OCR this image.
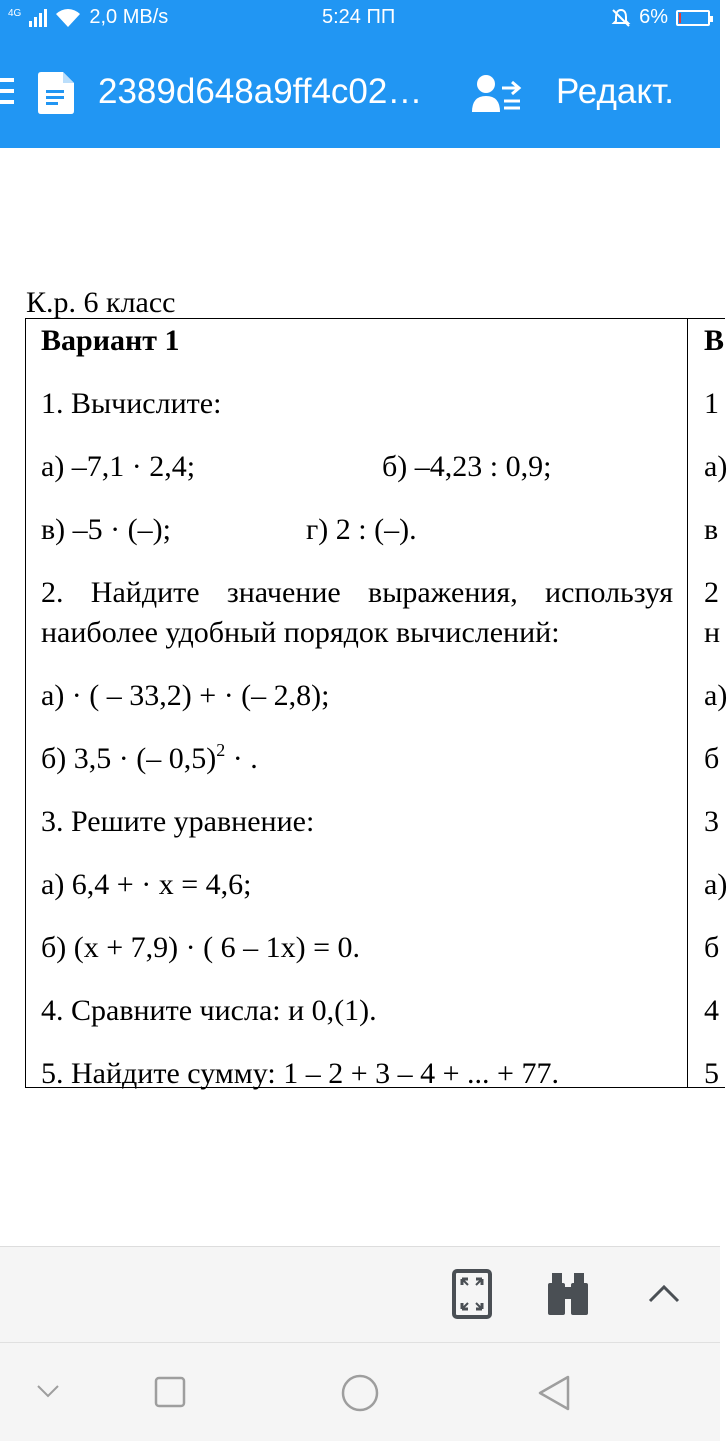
4G	2,0 MB/s	5:24 ПП	6%
2389d648a9ff4c02…	Редакт.
К.р. 6 класс
Вариант 1
1. Вычислите:
а) –7,1 · 2,4;	б) –4,23 : 0,9;
в) –5 · (–);	г) 2 : (–).
2. Найдите значение выражения, используя
наиболее удобный порядок вычислений:
а) · ( – 33,2) + · (– 2,8);
б) 3,5 · (– 0,5)$^2$ · .
3. Решите уравнение:
а) 6,4 + · x = 4,6;
б) (x + 7,9) · ( 6 – 1x) = 0.
4. Сравните числа: и 0,(1).
5. Найдите сумму: 1 – 2 + 3 – 4 + ... + 77.
В
1
а)
в
2
н
а)
б
3
а)
б
4
5
